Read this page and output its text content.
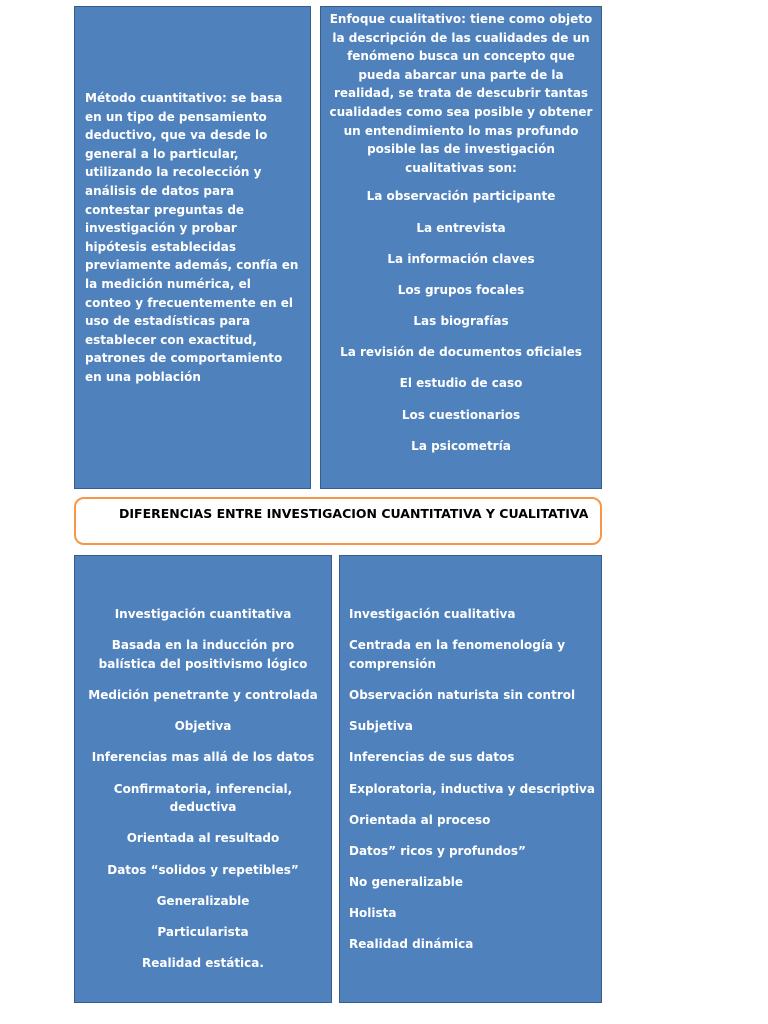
Método cuantitativo: se basa en un tipo de pensamiento deductivo, que va desde lo general a lo particular, utilizando la recolección y análisis de datos para contestar preguntas de investigación y probar hipótesis establecidas previamente además, confía en la medición numérica, el conteo y frecuentemente en el uso de estadísticas para establecer con exactitud, patrones de comportamiento en una población

Enfoque cualitativo: tiene como objeto la descripción de las cualidades de un fenómeno busca un concepto que pueda abarcar una parte de la realidad, se trata de descubrir tantas cualidades como sea posible y obtener un entendimiento lo mas profundo posible las de investigación cualitativas son:

La observación participante
La entrevista
La información claves
Los grupos focales
Las biografías
La revisión de documentos oficiales
El estudio de caso
Los cuestionarios
La psicometría
DIFERENCIAS ENTRE INVESTIGACION CUANTITATIVA Y CUALITATIVA
Investigación cuantitativa
Basada en la inducción pro balística del positivismo lógico
Medición penetrante y controlada
Objetiva
Inferencias mas allá de los datos
Confirmatoria, inferencial, deductiva
Orientada al resultado
Datos “solidos y repetibles”
Generalizable
Particularista
Realidad estática.
Investigación cualitativa
Centrada en la fenomenología y comprensión
Observación naturista sin control
Subjetiva
Inferencias de sus datos
Exploratoria, inductiva y descriptiva
Orientada al proceso
Datos” ricos y profundos”
No generalizable
Holista
Realidad dinámica
